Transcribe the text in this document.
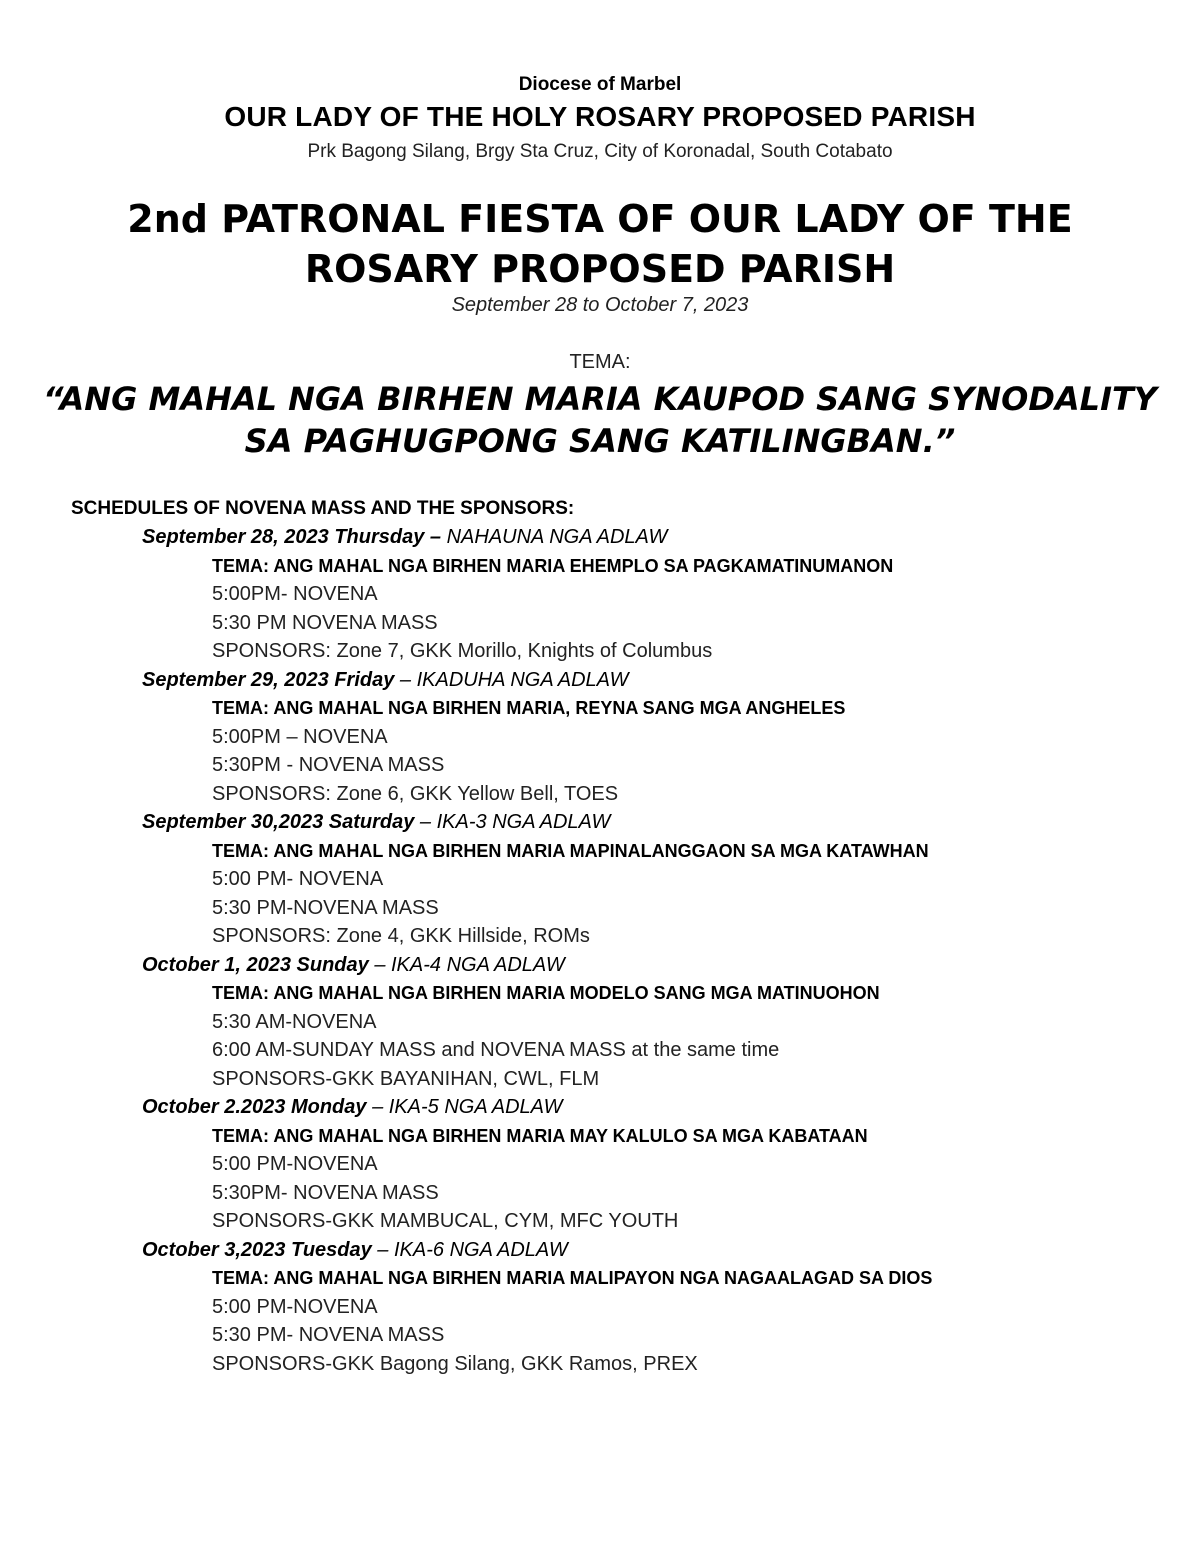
Diocese of Marbel
OUR LADY OF THE HOLY ROSARY PROPOSED PARISH
Prk Bagong Silang, Brgy Sta Cruz, City of Koronadal, South Cotabato
2nd PATRONAL FIESTA OF OUR LADY OF THE ROSARY PROPOSED PARISH
September 28 to October 7, 2023
TEMA:
“ANG MAHAL NGA BIRHEN MARIA KAUPOD SANG SYNODALITY SA PAGHUGPONG SANG KATILINGBAN.”
SCHEDULES OF NOVENA MASS AND THE SPONSORS:
September 28, 2023 Thursday – NAHAUNA NGA ADLAW
TEMA: ANG MAHAL NGA BIRHEN MARIA EHEMPLO SA PAGKAMATINUMANON
5:00PM- NOVENA
5:30 PM NOVENA MASS
SPONSORS: Zone 7, GKK Morillo, Knights of Columbus
September 29, 2023 Friday – IKADUHA NGA ADLAW
TEMA: ANG MAHAL NGA BIRHEN MARIA, REYNA SANG MGA ANGHELES
5:00PM – NOVENA
5:30PM - NOVENA MASS
SPONSORS: Zone 6, GKK Yellow Bell, TOES
September 30,2023 Saturday – IKA-3 NGA ADLAW
TEMA: ANG MAHAL NGA BIRHEN MARIA MAPINALANGGAON SA MGA KATAWHAN
5:00 PM- NOVENA
5:30 PM-NOVENA MASS
SPONSORS: Zone 4, GKK Hillside, ROMs
October 1, 2023 Sunday – IKA-4 NGA ADLAW
TEMA: ANG MAHAL NGA BIRHEN MARIA MODELO SANG MGA MATINUOHON
5:30 AM-NOVENA
6:00 AM-SUNDAY MASS and NOVENA MASS at the same time
SPONSORS-GKK BAYANIHAN, CWL, FLM
October 2.2023 Monday – IKA-5 NGA ADLAW
TEMA: ANG MAHAL NGA BIRHEN MARIA MAY KALULO SA MGA KABATAAN
5:00 PM-NOVENA
5:30PM- NOVENA MASS
SPONSORS-GKK MAMBUCAL, CYM, MFC YOUTH
October 3,2023 Tuesday – IKA-6 NGA ADLAW
TEMA: ANG MAHAL NGA BIRHEN MARIA MALIPAYON NGA NAGAALAGAD SA DIOS
5:00 PM-NOVENA
5:30 PM- NOVENA MASS
SPONSORS-GKK Bagong Silang, GKK Ramos, PREX
